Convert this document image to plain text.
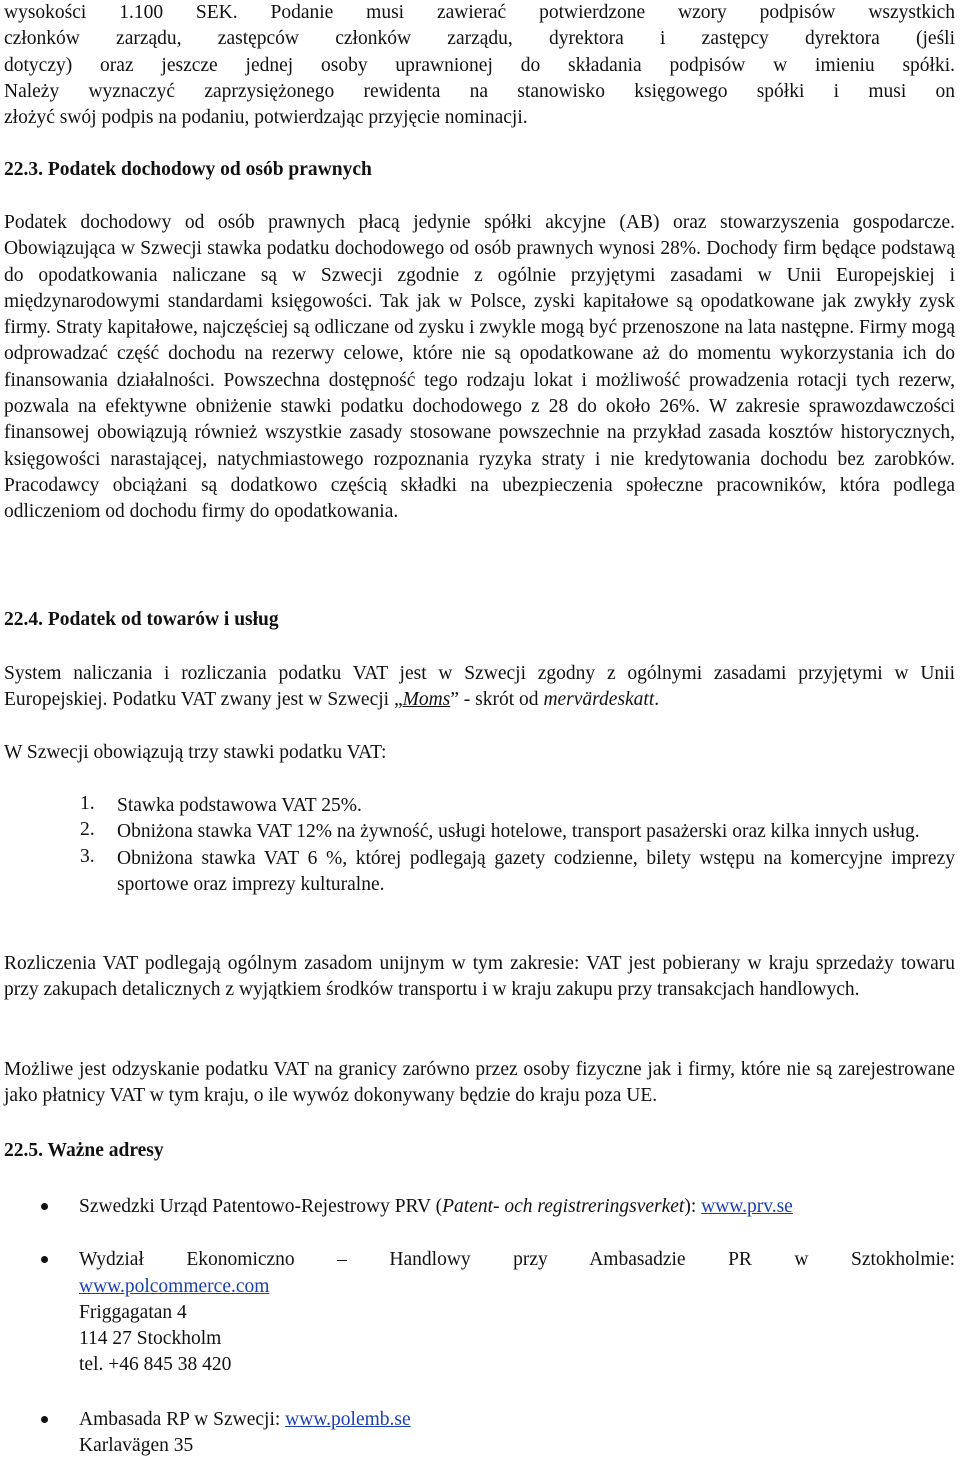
wysokości 1.100 SEK. Podanie musi zawierać potwierdzone wzory podpisów wszystkich
członków zarządu, zastępców członków zarządu, dyrektora i zastępcy dyrektora (jeśli
dotyczy) oraz jeszcze jednej osoby uprawnionej do składania podpisów w imieniu spółki.
Należy wyznaczyć zaprzysiężonego rewidenta na stanowisko księgowego spółki i musi on
złożyć swój podpis na podaniu, potwierdzając przyjęcie nominacji.
22.3. Podatek dochodowy od osób prawnych

Podatek dochodowy od osób prawnych płacą jedynie spółki akcyjne (AB) oraz stowarzyszenia gospodarcze. Obowiązująca w Szwecji stawka podatku dochodowego od osób prawnych wynosi 28%. Dochody firm będące podstawą do opodatkowania naliczane są w Szwecji zgodnie z ogólnie przyjętymi zasadami w Unii Europejskiej i międzynarodowymi standardami księgowości. Tak jak w Polsce, zyski kapitałowe są opodatkowane jak zwykły zysk firmy. Straty kapitałowe, najczęściej są odliczane od zysku i zwykle mogą być przenoszone na lata następne. Firmy mogą odprowadzać część dochodu na rezerwy celowe, które nie są opodatkowane aż do momentu wykorzystania ich do finansowania działalności. Powszechna dostępność tego rodzaju lokat i możliwość prowadzenia rotacji tych rezerw, pozwala na efektywne obniżenie stawki podatku dochodowego z 28 do około 26%. W zakresie sprawozdawczości finansowej obowiązują również wszystkie zasady stosowane powszechnie na przykład zasada kosztów historycznych, księgowości narastającej, natychmiastowego rozpoznania ryzyka straty i nie kredytowania dochodu bez zarobków. Pracodawcy obciążani są dodatkowo częścią składki na ubezpieczenia społeczne pracowników, która podlega odliczeniom od dochodu firmy do opodatkowania.

22.4. Podatek od towarów i usług

System naliczania i rozliczania podatku VAT jest w Szwecji zgodny z ogólnymi zasadami przyjętymi w Unii Europejskiej. Podatku VAT zwany jest w Szwecji „Moms” - skrót od mervärdeskatt.

W Szwecji obowiązują trzy stawki podatku VAT:

1. Stawka podstawowa VAT 25%.
2. Obniżona stawka VAT 12% na żywność, usługi hotelowe, transport pasażerski oraz kilka innych usług.
3. Obniżona stawka VAT 6 %, której podlegają gazety codzienne, bilety wstępu na komercyjne imprezy sportowe oraz imprezy kulturalne.

Rozliczenia VAT podlegają ogólnym zasadom unijnym w tym zakresie: VAT jest pobierany w kraju sprzedaży towaru przy zakupach detalicznych z wyjątkiem środków transportu i w kraju zakupu przy transakcjach handlowych.

Możliwe jest odzyskanie podatku VAT na granicy zarówno przez osoby fizyczne jak i firmy, które nie są zarejestrowane jako płatnicy VAT w tym kraju, o ile wywóz dokonywany będzie do kraju poza UE.

22.5. Ważne adresy
Szwedzki Urząd Patentowo-Rejestrowy PRV (Patent- och registreringsverket): www.prv.se
Wydział Ekonomiczno – Handlowy przy Ambasadzie PR w Sztokholmie:
www.polcommerce.com
Friggagatan 4
114 27 Stockholm
tel. +46 845 38 420
Ambasada RP w Szwecji: www.polemb.se
Karlavägen 35
